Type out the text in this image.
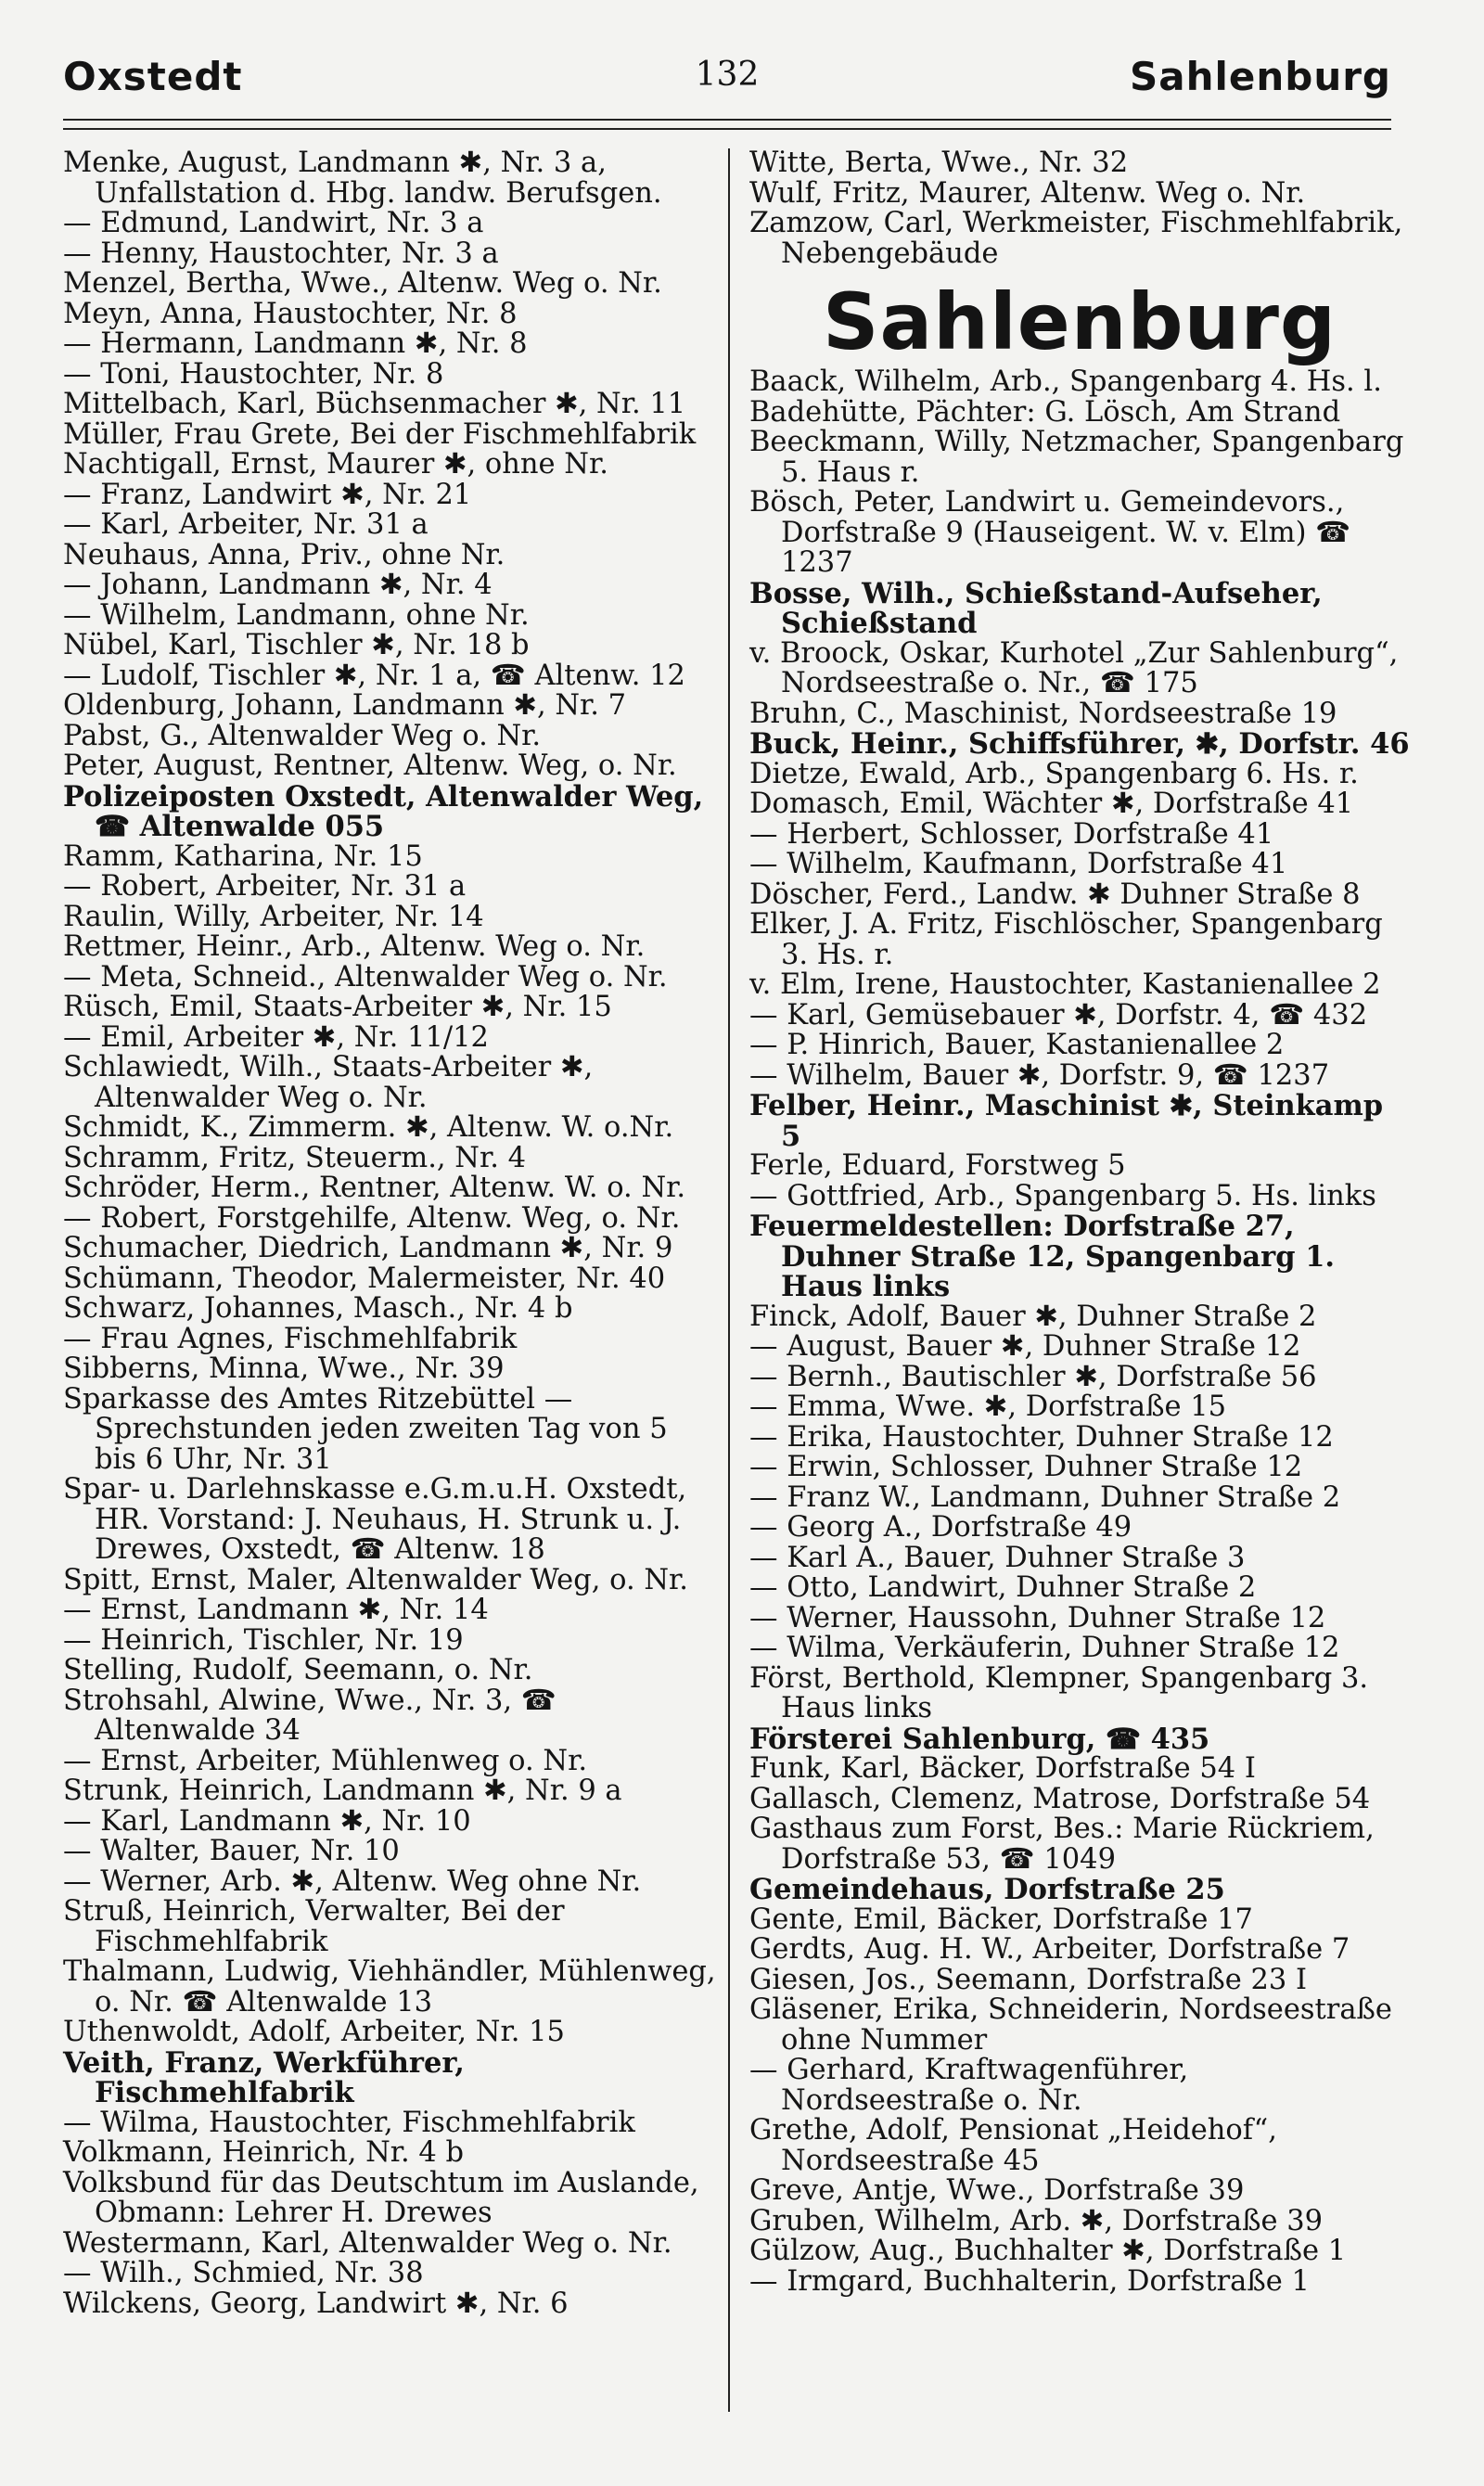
Oxstedt	132	Sahlenburg
Menke, August, Landmann ✱, Nr. 3 a, Unfallstation d. Hbg. landw. Berufsgen.
— Edmund, Landwirt, Nr. 3 a
— Henny, Haustochter, Nr. 3 a
Menzel, Bertha, Wwe., Altenw. Weg o. Nr.
Meyn, Anna, Haustochter, Nr. 8
— Hermann, Landmann ✱, Nr. 8
— Toni, Haustochter, Nr. 8
Mittelbach, Karl, Büchsenmacher ✱, Nr. 11
Müller, Frau Grete, Bei der Fischmehlfabrik
Nachtigall, Ernst, Maurer ✱, ohne Nr.
— Franz, Landwirt ✱, Nr. 21
— Karl, Arbeiter, Nr. 31 a
Neuhaus, Anna, Priv., ohne Nr.
— Johann, Landmann ✱, Nr. 4
— Wilhelm, Landmann, ohne Nr.
Nübel, Karl, Tischler ✱, Nr. 18 b
— Ludolf, Tischler ✱, Nr. 1 a, ☎ Altenw. 12
Oldenburg, Johann, Landmann ✱, Nr. 7
Pabst, G., Altenwalder Weg o. Nr.
Peter, August, Rentner, Altenw. Weg, o. Nr.
Polizeiposten Oxstedt, Altenwalder Weg, ☎ Altenwalde 055
Ramm, Katharina, Nr. 15
— Robert, Arbeiter, Nr. 31 a
Raulin, Willy, Arbeiter, Nr. 14
Rettmer, Heinr., Arb., Altenw. Weg o. Nr.
— Meta, Schneid., Altenwalder Weg o. Nr.
Rüsch, Emil, Staats-Arbeiter ✱, Nr. 15
— Emil, Arbeiter ✱, Nr. 11/12
Schlawiedt, Wilh., Staats-Arbeiter ✱, Altenwalder Weg o. Nr.
Schmidt, K., Zimmerm. ✱, Altenw. W. o.Nr.
Schramm, Fritz, Steuerm., Nr. 4
Schröder, Herm., Rentner, Altenw. W. o. Nr.
— Robert, Forstgehilfe, Altenw. Weg, o. Nr.
Schumacher, Diedrich, Landmann ✱, Nr. 9
Schümann, Theodor, Malermeister, Nr. 40
Schwarz, Johannes, Masch., Nr. 4 b
— Frau Agnes, Fischmehlfabrik
Sibberns, Minna, Wwe., Nr. 39
Sparkasse des Amtes Ritzebüttel — Sprechstunden jeden zweiten Tag von 5 bis 6 Uhr, Nr. 31
Spar- u. Darlehnskasse e.G.m.u.H. Oxstedt, HR. Vorstand: J. Neuhaus, H. Strunk u. J. Drewes, Oxstedt, ☎ Altenw. 18
Spitt, Ernst, Maler, Altenwalder Weg, o. Nr.
— Ernst, Landmann ✱, Nr. 14
— Heinrich, Tischler, Nr. 19
Stelling, Rudolf, Seemann, o. Nr.
Strohsahl, Alwine, Wwe., Nr. 3, ☎ Altenwalde 34
— Ernst, Arbeiter, Mühlenweg o. Nr.
Strunk, Heinrich, Landmann ✱, Nr. 9 a
— Karl, Landmann ✱, Nr. 10
— Walter, Bauer, Nr. 10
— Werner, Arb. ✱, Altenw. Weg ohne Nr.
Struß, Heinrich, Verwalter, Bei der Fischmehlfabrik
Thalmann, Ludwig, Viehhändler, Mühlenweg, o. Nr. ☎ Altenwalde 13
Uthenwoldt, Adolf, Arbeiter, Nr. 15
Veith, Franz, Werkführer, Fischmehlfabrik
— Wilma, Haustochter, Fischmehlfabrik
Volkmann, Heinrich, Nr. 4 b
Volksbund für das Deutschtum im Auslande, Obmann: Lehrer H. Drewes
Westermann, Karl, Altenwalder Weg o. Nr.
— Wilh., Schmied, Nr. 38
Wilckens, Georg, Landwirt ✱, Nr. 6
Witte, Berta, Wwe., Nr. 32
Wulf, Fritz, Maurer, Altenw. Weg o. Nr.
Zamzow, Carl, Werkmeister, Fischmehlfabrik, Nebengebäude
Sahlenburg
Baack, Wilhelm, Arb., Spangenbarg 4. Hs. l.
Badehütte, Pächter: G. Lösch, Am Strand
Beeckmann, Willy, Netzmacher, Spangenbarg 5. Haus r.
Bösch, Peter, Landwirt u. Gemeindevors., Dorfstraße 9 (Hauseigent. W. v. Elm) ☎ 1237
Bosse, Wilh., Schießstand-Aufseher, Schießstand
v. Broock, Oskar, Kurhotel „Zur Sahlenburg“, Nordseestraße o. Nr., ☎ 175
Bruhn, C., Maschinist, Nordseestraße 19
Buck, Heinr., Schiffsführer, ✱, Dorfstr. 46
Dietze, Ewald, Arb., Spangenbarg 6. Hs. r.
Domasch, Emil, Wächter ✱, Dorfstraße 41
— Herbert, Schlosser, Dorfstraße 41
— Wilhelm, Kaufmann, Dorfstraße 41
Döscher, Ferd., Landw. ✱ Duhner Straße 8
Elker, J. A. Fritz, Fischlöscher, Spangenbarg 3. Hs. r.
v. Elm, Irene, Haustochter, Kastanienallee 2
— Karl, Gemüsebauer ✱, Dorfstr. 4, ☎ 432
— P. Hinrich, Bauer, Kastanienallee 2
— Wilhelm, Bauer ✱, Dorfstr. 9, ☎ 1237
Felber, Heinr., Maschinist ✱, Steinkamp 5
Ferle, Eduard, Forstweg 5
— Gottfried, Arb., Spangenbarg 5. Hs. links
Feuermeldestellen: Dorfstraße 27, Duhner Straße 12, Spangenbarg 1. Haus links
Finck, Adolf, Bauer ✱, Duhner Straße 2
— August, Bauer ✱, Duhner Straße 12
— Bernh., Bautischler ✱, Dorfstraße 56
— Emma, Wwe. ✱, Dorfstraße 15
— Erika, Haustochter, Duhner Straße 12
— Erwin, Schlosser, Duhner Straße 12
— Franz W., Landmann, Duhner Straße 2
— Georg A., Dorfstraße 49
— Karl A., Bauer, Duhner Straße 3
— Otto, Landwirt, Duhner Straße 2
— Werner, Haussohn, Duhner Straße 12
— Wilma, Verkäuferin, Duhner Straße 12
Först, Berthold, Klempner, Spangenbarg 3. Haus links
Försterei Sahlenburg, ☎ 435
Funk, Karl, Bäcker, Dorfstraße 54 I
Gallasch, Clemenz, Matrose, Dorfstraße 54
Gasthaus zum Forst, Bes.: Marie Rückriem, Dorfstraße 53, ☎ 1049
Gemeindehaus, Dorfstraße 25
Gente, Emil, Bäcker, Dorfstraße 17
Gerdts, Aug. H. W., Arbeiter, Dorfstraße 7
Giesen, Jos., Seemann, Dorfstraße 23 I
Gläsener, Erika, Schneiderin, Nordseestraße ohne Nummer
— Gerhard, Kraftwagenführer, Nordseestraße o. Nr.
Grethe, Adolf, Pensionat „Heidehof“, Nordseestraße 45
Greve, Antje, Wwe., Dorfstraße 39
Gruben, Wilhelm, Arb. ✱, Dorfstraße 39
Gülzow, Aug., Buchhalter ✱, Dorfstraße 1
— Irmgard, Buchhalterin, Dorfstraße 1
